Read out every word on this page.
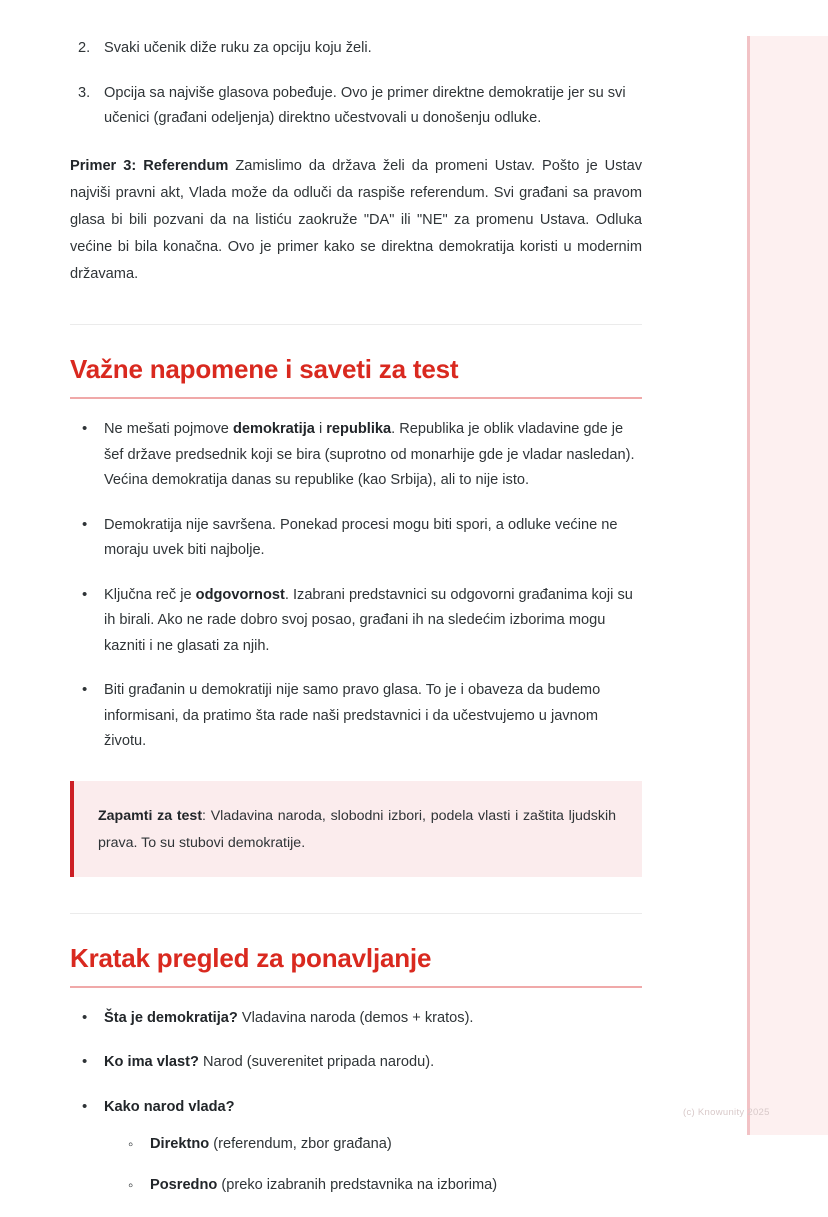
2. Svaki učenik diže ruku za opciju koju želi.
3. Opcija sa najviše glasova pobeđuje. Ovo je primer direktne demokratije jer su svi učenici (građani odeljenja) direktno učestvovali u donošenju odluke.

Primer 3: Referendum Zamislimo da država želi da promeni Ustav. Pošto je Ustav najviši pravni akt, Vlada može da odluči da raspiše referendum. Svi građani sa pravom glasa bi bili pozvani da na listiću zaokruže "DA" ili "NE" za promenu Ustava. Odluka većine bi bila konačna. Ovo je primer kako se direktna demokratija koristi u modernim državama.

Važne napomene i saveti za test
• Ne mešati pojmove demokratija i republika. Republika je oblik vladavine gde je šef države predsednik koji se bira (suprotno od monarhije gde je vladar nasledan). Većina demokratija danas su republike (kao Srbija), ali to nije isto.
• Demokratija nije savršena. Ponekad procesi mogu biti spori, a odluke većine ne moraju uvek biti najbolje.
• Ključna reč je odgovornost. Izabrani predstavnici su odgovorni građanima koji su ih birali. Ako ne rade dobro svoj posao, građani ih na sledećim izborima mogu kazniti i ne glasati za njih.
• Biti građanin u demokratiji nije samo pravo glasa. To je i obaveza da budemo informisani, da pratimo šta rade naši predstavnici i da učestvujemo u javnom životu.

Zapamti za test: Vladavina naroda, slobodni izbori, podela vlasti i zaštita ljudskih prava. To su stubovi demokratije.

Kratak pregled za ponavljanje
• Šta je demokratija? Vladavina naroda (demos + kratos).
• Ko ima vlast? Narod (suverenitet pripada narodu).
• Kako narod vlada?
◦ Direktno (referendum, zbor građana)
◦ Posredno (preko izabranih predstavnika na izborima)
(c) Knowunity 2025
